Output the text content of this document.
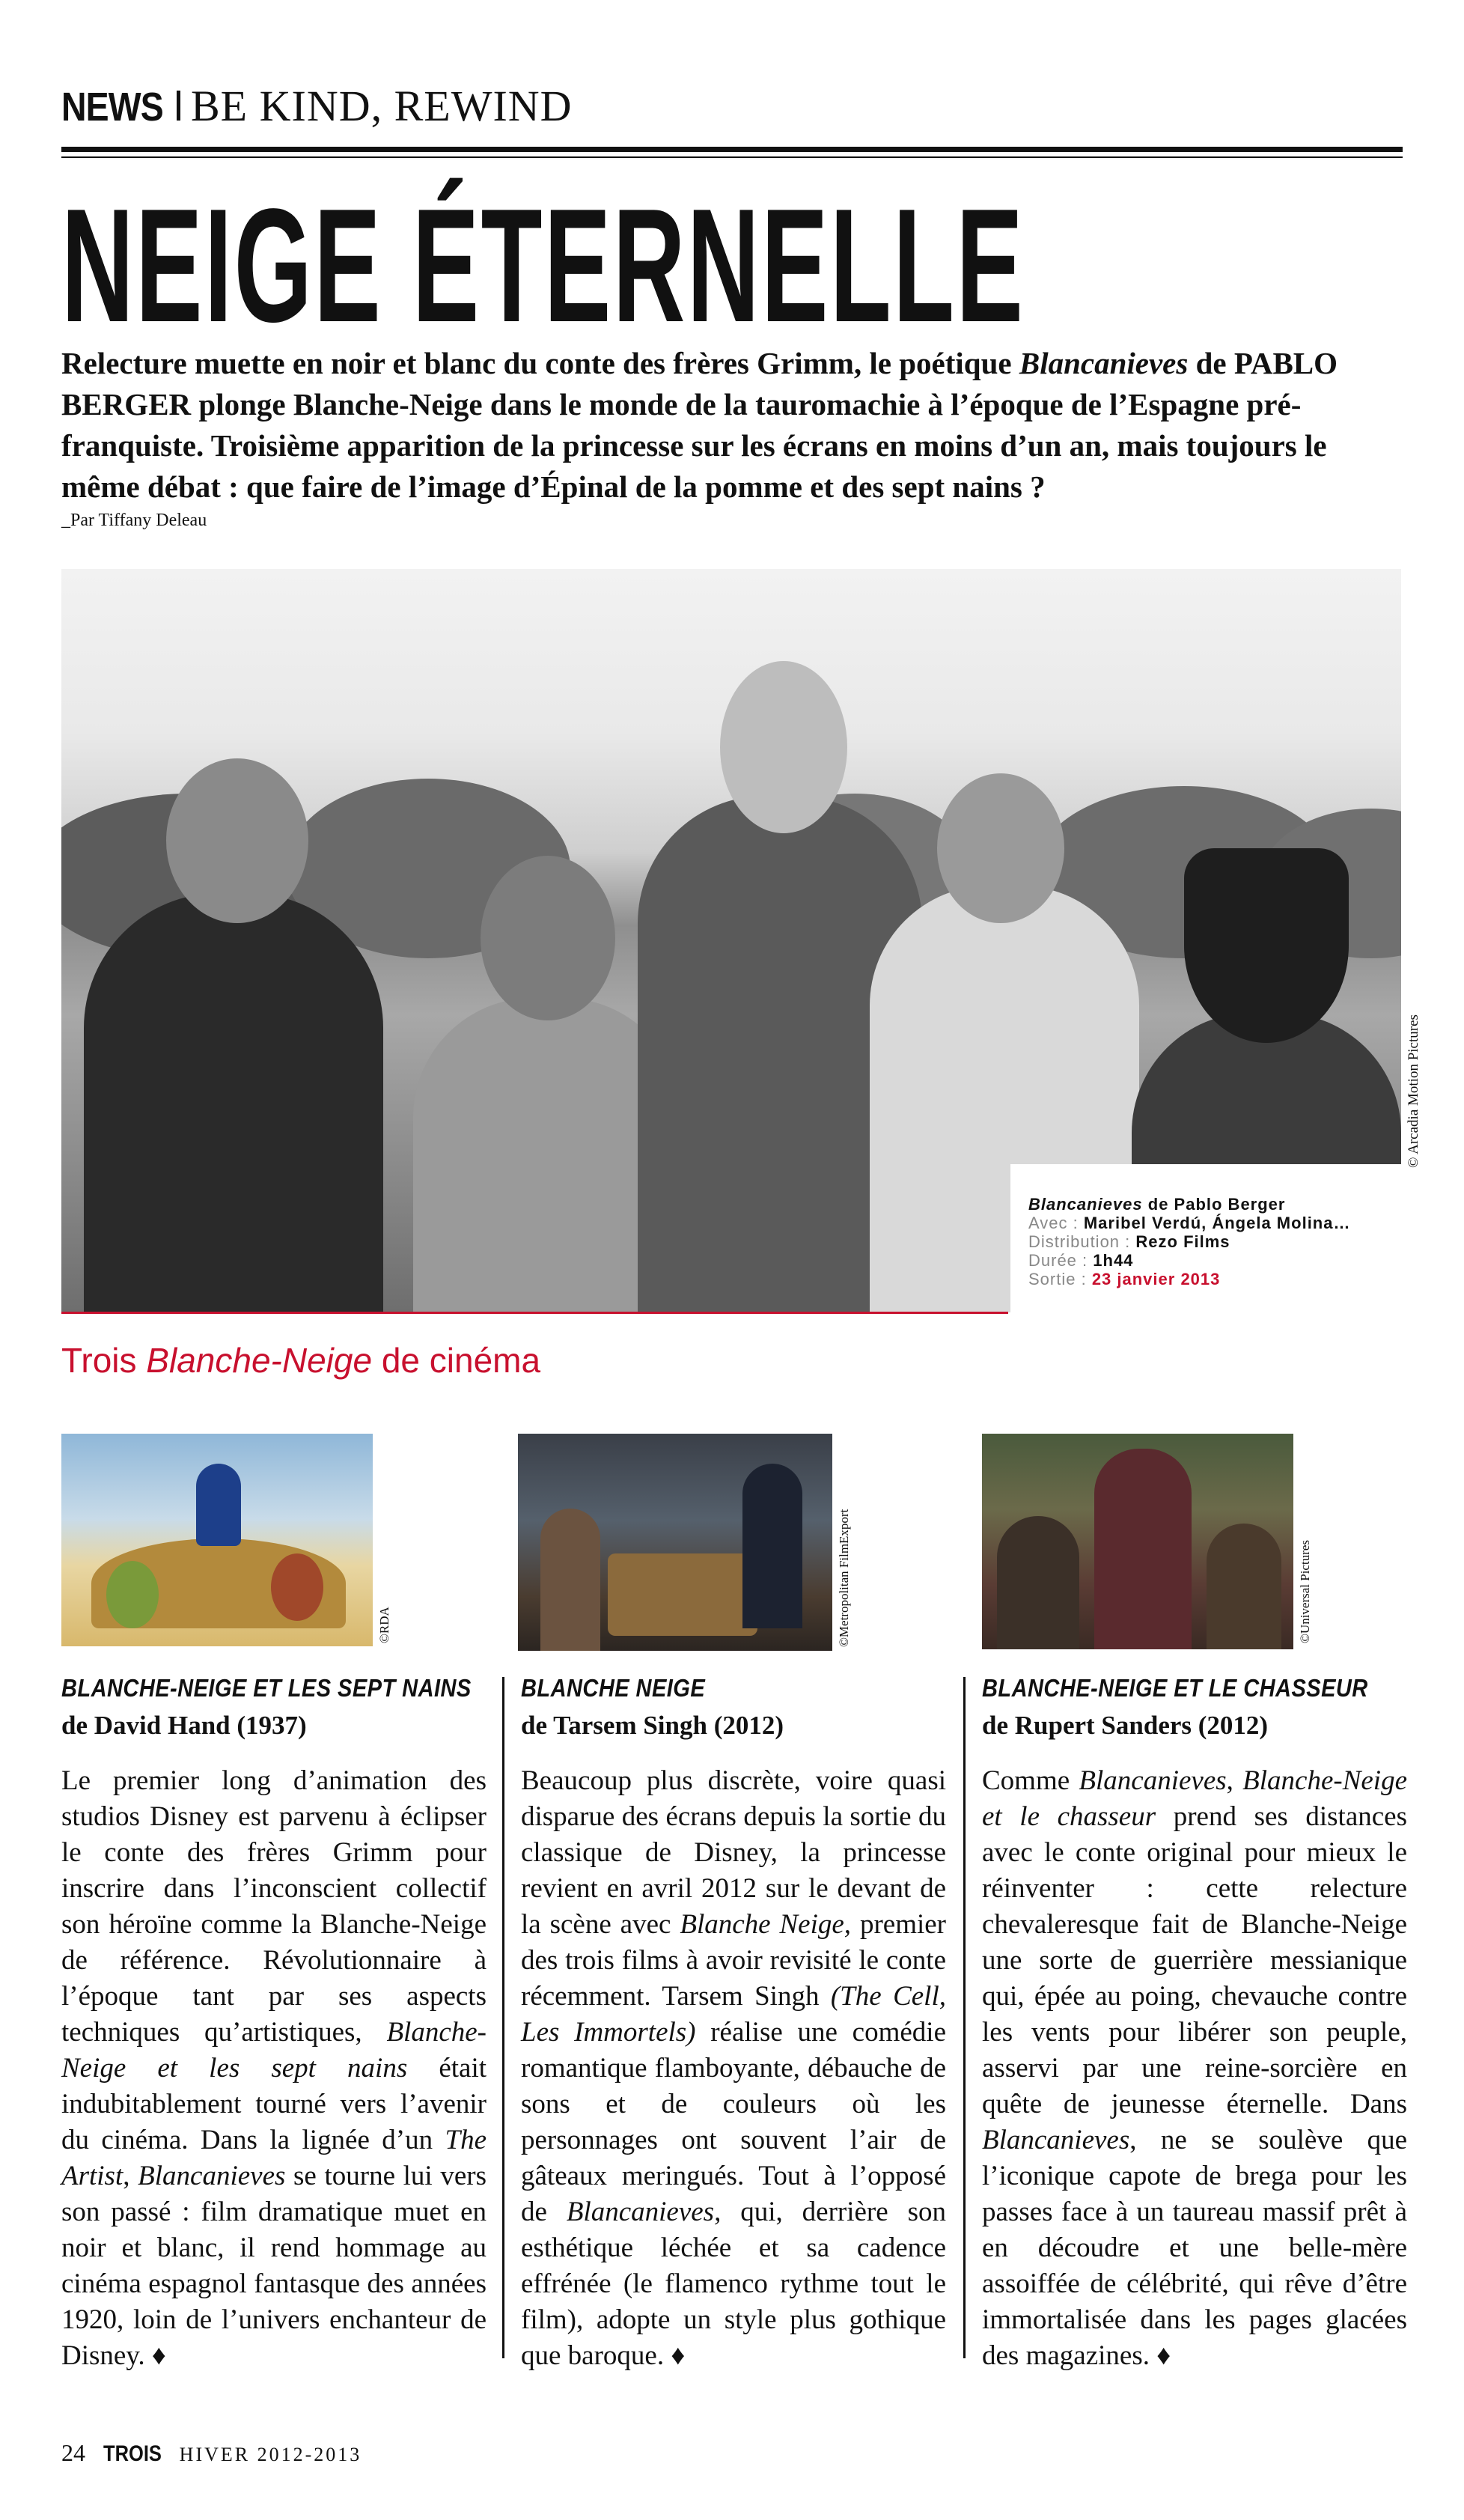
NEWS BE KIND, REWIND
NEIGE ÉTERNELLE
Relecture muette en noir et blanc du conte des frères Grimm, le poétique Blancanieves de PABLO BERGER plonge Blanche-Neige dans le monde de la tauromachie à l’époque de l’Espagne pré-franquiste. Troisième apparition de la princesse sur les écrans en moins d’un an, mais toujours le même débat : que faire de l’image d’Épinal de la pomme et des sept nains ?
_Par Tiffany Deleau
© Arcadia Motion Pictures
Blancanieves de Pablo Berger
Avec : Maribel Verdú, Ángela Molina…
Distribution : Rezo Films
Durée : 1h44
Sortie : 23 janvier 2013
Trois Blanche-Neige de cinéma
©RDA	©Metropolitan FilmExport	©Universal Pictures
BLANCHE-NEIGE ET LES SEPT NAINS
de David Hand (1937)
BLANCHE NEIGE
de Tarsem Singh (2012)
BLANCHE-NEIGE ET LE CHASSEUR
de Rupert Sanders (2012)
Le premier long d’animation des studios Disney est parvenu à éclipser le conte des frères Grimm pour inscrire dans l’inconscient collectif son héroïne comme la Blanche-Neige de référence. Révolutionnaire à l’époque tant par ses aspects techniques qu’artistiques, Blanche-Neige et les sept nains était indubitablement tourné vers l’avenir du cinéma. Dans la lignée d’un The Artist, Blancanieves se tourne lui vers son passé : film dramatique muet en noir et blanc, il rend hommage au cinéma espagnol fantasque des années 1920, loin de l’univers enchanteur de Disney. ♦
Beaucoup plus discrète, voire quasi disparue des écrans depuis la sortie du classique de Disney, la princesse revient en avril 2012 sur le devant de la scène avec Blanche Neige, premier des trois films à avoir revisité le conte récemment. Tarsem Singh (The Cell, Les Immortels) réalise une comédie romantique flamboyante, débauche de sons et de couleurs où les personnages ont souvent l’air de gâteaux meringués. Tout à l’opposé de Blancanieves, qui, derrière son esthétique léchée et sa cadence effrénée (le flamenco rythme tout le film), adopte un style plus gothique que baroque. ♦
Comme Blancanieves, Blanche-Neige et le chasseur prend ses distances avec le conte original pour mieux le réinventer : cette relecture chevaleresque fait de Blanche-Neige une sorte de guerrière messianique qui, épée au poing, chevauche contre les vents pour libérer son peuple, asservi par une reine-sorcière en quête de jeunesse éternelle. Dans Blancanieves, ne se soulève que l’iconique capote de brega pour les passes face à un taureau massif prêt à en découdre et une belle-mère assoiffée de célébrité, qui rêve d’être immortalisée dans les pages glacées des magazines. ♦
24 TROIS HIVER 2012-2013
